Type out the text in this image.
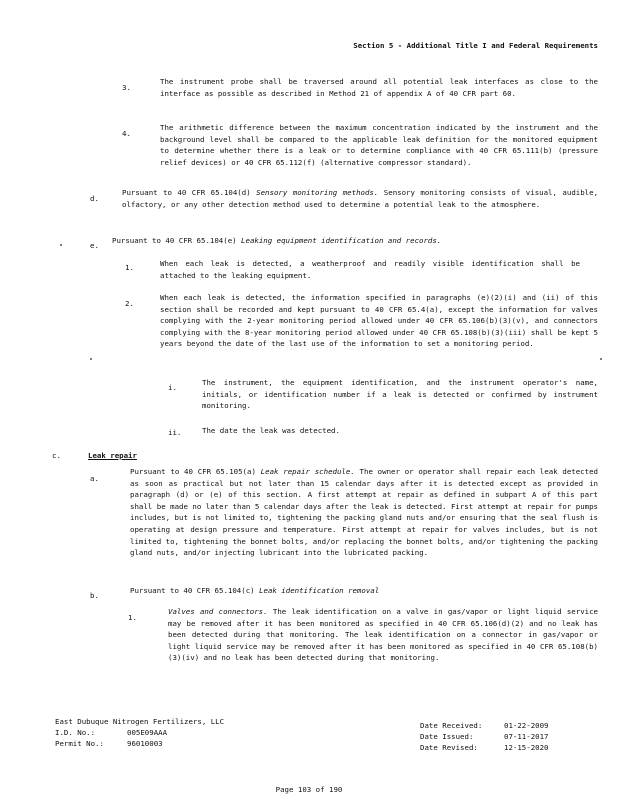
Section 5 - Additional Title I and Federal Requirements
3.
The instrument probe shall be traversed around all potential leak interfaces as close to the interface as possible as described in Method 21 of appendix A of 40 CFR part 60.
4.
The arithmetic difference between the maximum concentration indicated by the instrument and the background level shall be compared to the applicable leak definition for the monitored equipment to determine whether there is a leak or to determine compliance with 40 CFR 65.111(b) (pressure relief devices) or 40 CFR 65.112(f) (alternative compressor standard).
d.
Pursuant to 40 CFR 65.104(d) Sensory monitoring methods. Sensory monitoring consists of visual, audible, olfactory, or any other detection method used to determine a potential leak to the atmosphere.
e.
Pursuant to 40 CFR 65.104(e) Leaking equipment identification and records.
1.	When each leak is detected, a weatherproof and readily visible identification shall be attached to the leaking equipment.
2.
When each leak is detected, the information specified in paragraphs (e)(2)(i) and (ii) of this section shall be recorded and kept pursuant to 40 CFR 65.4(a), except the information for valves complying with the 2-year monitoring period allowed under 40 CFR 65.106(b)(3)(v), and connectors complying with the 8-year monitoring period allowed under 40 CFR 65.108(b)(3)(iii) shall be kept 5 years beyond the date of the last use of the information to set a monitoring period.
i.
The instrument, the equipment identification, and the instrument operator's name, initials, or identification number if a leak is detected or confirmed by instrument monitoring.
ii.	The date the leak was detected.
c.	Leak repair
a.
Pursuant to 40 CFR 65.105(a) Leak repair schedule. The owner or operator shall repair each leak detected as soon as practical but not later than 15 calendar days after it is detected except as provided in paragraph (d) or (e) of this section. A first attempt at repair as defined in subpart A of this part shall be made no later than 5 calendar days after the leak is detected. First attempt at repair for pumps includes, but is not limited to, tightening the packing gland nuts and/or ensuring that the seal flush is operating at design pressure and temperature. First attempt at repair for valves includes, but is not limited to, tightening the bonnet bolts, and/or replacing the bonnet bolts, and/or tightening the packing gland nuts, and/or injecting lubricant into the lubricated packing.
b.
Pursuant to 40 CFR 65.104(c) Leak identification removal
1.
Valves and connectors. The leak identification on a valve in gas/vapor or light liquid service may be removed after it has been monitored as specified in 40 CFR 65.106(d)(2) and no leak has been detected during that monitoring. The leak identification on a connector in gas/vapor or light liquid service may be removed after it has been monitored as specified in 40 CFR 65.108(b)(3)(iv) and no leak has been detected during that monitoring.
East Dubuque Nitrogen Fertilizers, LLC
I.D. No.:	005E09AAA
Permit No.:	96010003
Date Received:	01-22-2009
Date Issued:	07-11-2017
Date Revised:	12-15-2020
Page 103 of 190
